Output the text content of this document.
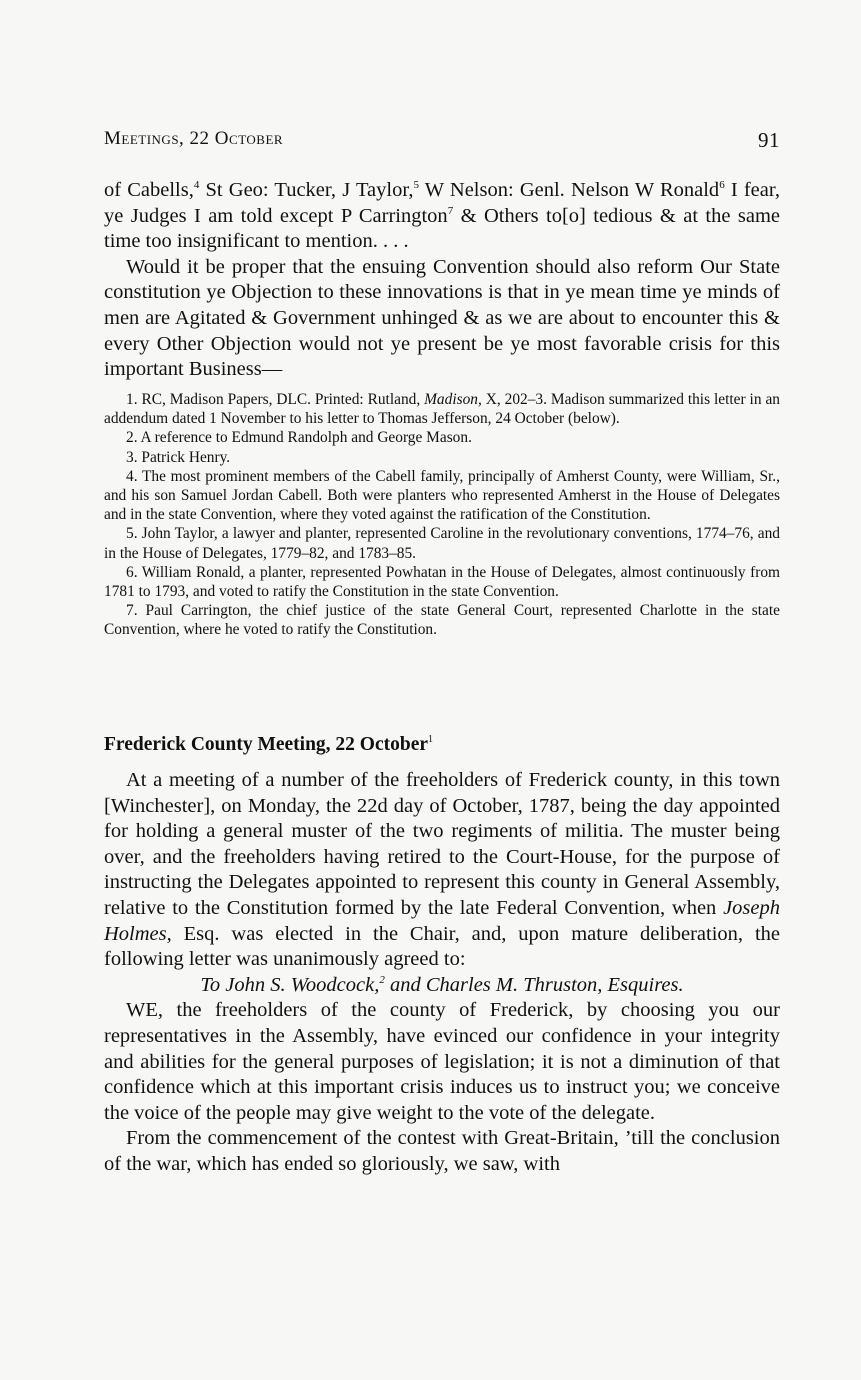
Meetings, 22 October	91

of Cabells,$^4$ St Geo: Tucker, J Taylor,$^5$ W Nelson: Genl. Nelson W Ronald$^6$ I fear, ye Judges I am told except P Carrington$^7$ & Others to[o] tedious & at the same time too insignificant to mention. . . .

Would it be proper that the ensuing Convention should also reform Our State constitution ye Objection to these innovations is that in ye mean time ye minds of men are Agitated & Government unhinged & as we are about to encounter this & every Other Objection would not ye present be ye most favorable crisis for this important Business—

1. RC, Madison Papers, DLC. Printed: Rutland, Madison, X, 202–3. Madison summarized this letter in an addendum dated 1 November to his letter to Thomas Jefferson, 24 October (below).

2. A reference to Edmund Randolph and George Mason.

3. Patrick Henry.

4. The most prominent members of the Cabell family, principally of Amherst County, were William, Sr., and his son Samuel Jordan Cabell. Both were planters who represented Amherst in the House of Delegates and in the state Convention, where they voted against the ratification of the Constitution.

5. John Taylor, a lawyer and planter, represented Caroline in the revolutionary conventions, 1774–76, and in the House of Delegates, 1779–82, and 1783–85.

6. William Ronald, a planter, represented Powhatan in the House of Delegates, almost continuously from 1781 to 1793, and voted to ratify the Constitution in the state Convention.

7. Paul Carrington, the chief justice of the state General Court, represented Charlotte in the state Convention, where he voted to ratify the Constitution.

Frederick County Meeting, 22 October$^1$

At a meeting of a number of the freeholders of Frederick county, in this town [Winchester], on Monday, the 22d day of October, 1787, being the day appointed for holding a general muster of the two regiments of militia. The muster being over, and the freeholders having retired to the Court-House, for the purpose of instructing the Delegates appointed to represent this county in General Assembly, relative to the Constitution formed by the late Federal Convention, when Joseph Holmes, Esq. was elected in the Chair, and, upon mature deliberation, the following letter was unanimously agreed to:

To John S. Woodcock,$^2$ and Charles M. Thruston, Esquires.

WE, the freeholders of the county of Frederick, by choosing you our representatives in the Assembly, have evinced our confidence in your integrity and abilities for the general purposes of legislation; it is not a diminution of that confidence which at this important crisis induces us to instruct you; we conceive the voice of the people may give weight to the vote of the delegate.

From the commencement of the contest with Great-Britain, ’till the conclusion of the war, which has ended so gloriously, we saw, with
